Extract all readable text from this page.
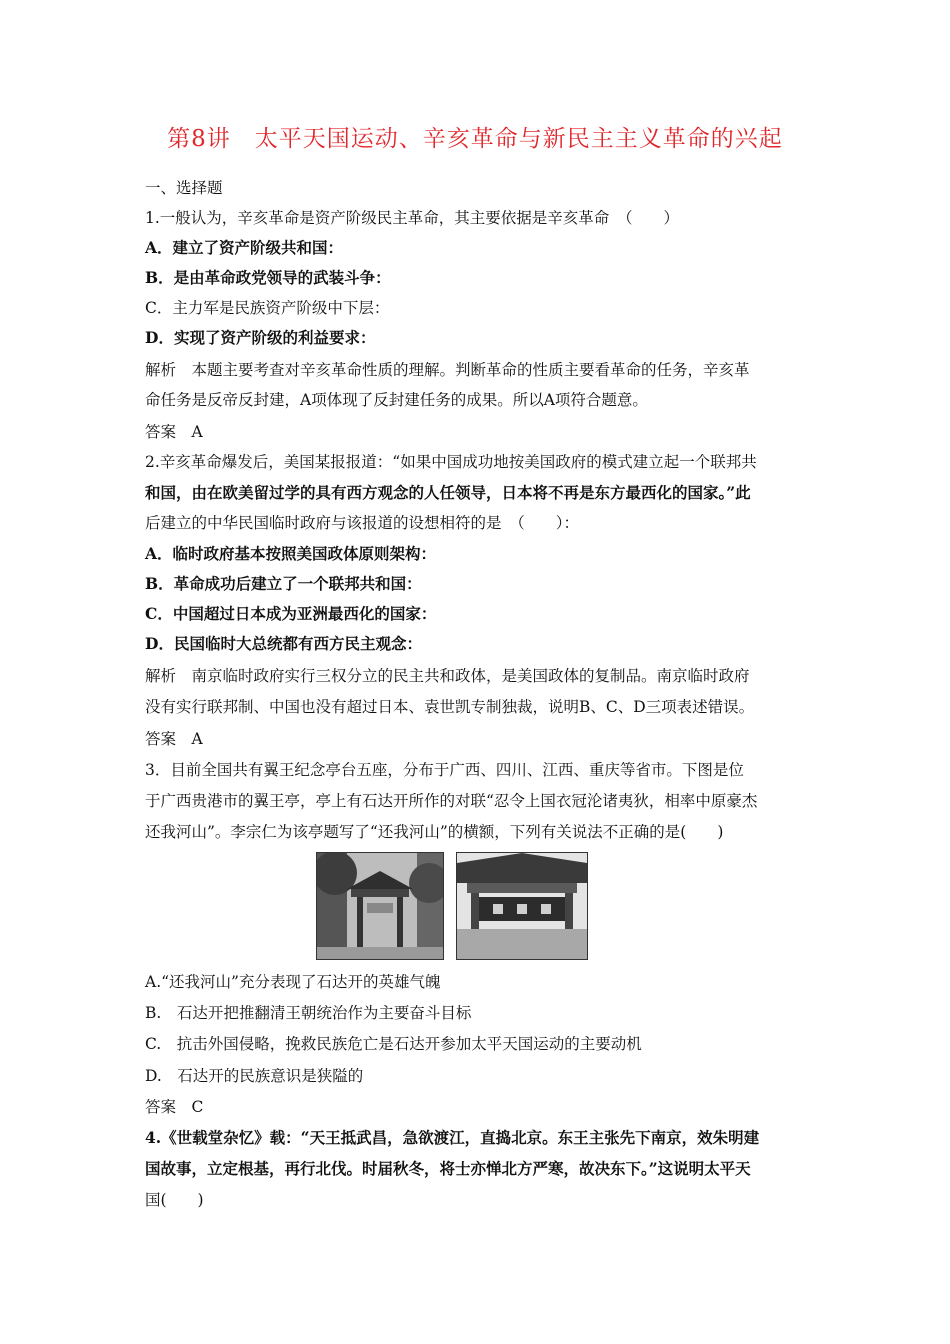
第8讲　太平天国运动、辛亥革命与新民主主义革命的兴起
一、选择题
1.一般认为，辛亥革命是资产阶级民主革命，其主要依据是辛亥革命　（　　）
A．建立了资产阶级共和国：
B．是由革命政党领导的武装斗争：
C．主力军是民族资产阶级中下层：
D．实现了资产阶级的利益要求：
解析　本题主要考查对辛亥革命性质的理解。判断革命的性质主要看革命的任务，辛亥革
命任务是反帝反封建，A项体现了反封建任务的成果。所以A项符合题意。
答案　A
2.辛亥革命爆发后，美国某报报道：“如果中国成功地按美国政府的模式建立起一个联邦共
和国，由在欧美留过学的具有西方观念的人任领导，日本将不再是东方最西化的国家。”此
后建立的中华民国临时政府与该报道的设想相符的是　（　　）：
A．临时政府基本按照美国政体原则架构：
B．革命成功后建立了一个联邦共和国：
C．中国超过日本成为亚洲最西化的国家：
D．民国临时大总统都有西方民主观念：
解析　南京临时政府实行三权分立的民主共和政体，是美国政体的复制品。南京临时政府
没有实行联邦制、中国也没有超过日本、袁世凯专制独裁，说明B、C、D三项表述错误。
答案　A
3．目前全国共有翼王纪念亭台五座，分布于广西、四川、江西、重庆等省市。下图是位
于广西贵港市的翼王亭，亭上有石达开所作的对联“忍令上国衣冠沦诸夷狄，相率中原豪杰
还我河山”。李宗仁为该亭题写了“还我河山”的横额，下列有关说法不正确的是(　　)
A.“还我河山”充分表现了石达开的英雄气魄
B.　石达开把推翻清王朝统治作为主要奋斗目标
C.　抗击外国侵略，挽救民族危亡是石达开参加太平天国运动的主要动机
D.　石达开的民族意识是狭隘的
答案　C
4.《世载堂杂忆》载：“天王抵武昌，急欲渡江，直捣北京。东王主张先下南京，效朱明建
国故事，立定根基，再行北伐。时届秋冬，将士亦惮北方严寒，故决东下。”这说明太平天
国(　　)
